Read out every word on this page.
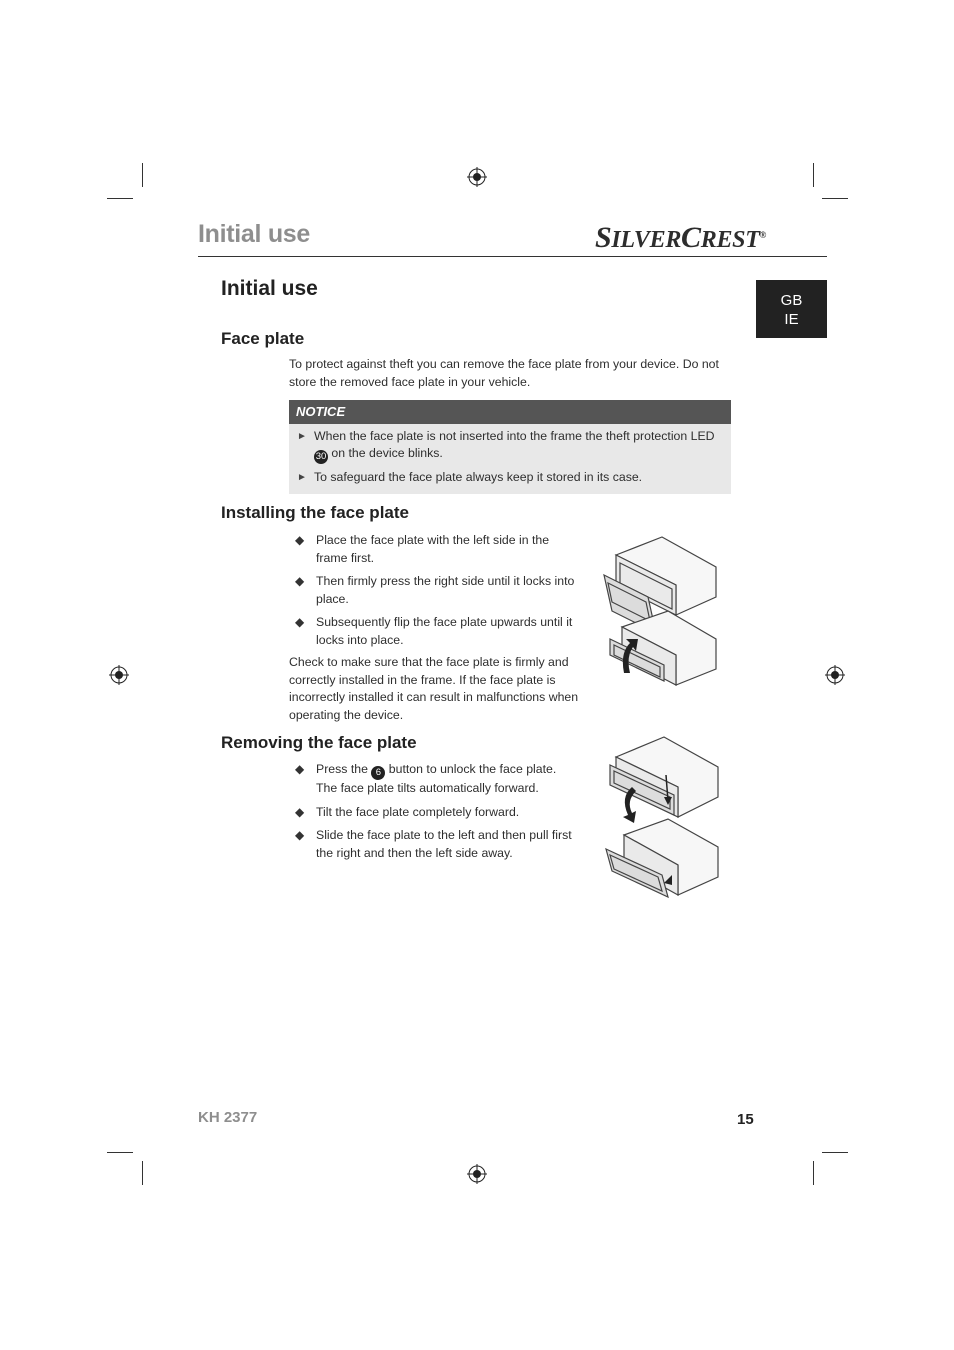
Initial use	SILVERCREST®
GB
IE
Initial use
Face plate
To protect against theft you can remove the face plate from your device. Do not store the removed face plate in your vehicle.
NOTICE
► When the face plate is not inserted into the frame the theft protection LED 30 on the device blinks.
► To safeguard the face plate always keep it stored in its case.
Installing the face plate
◆ Place the face plate with the left side in the frame first.
◆ Then firmly press the right side until it locks into place.
◆ Subsequently flip the face plate upwards until it locks into place.
Check to make sure that the face plate is firmly and correctly installed in the frame. If the face plate is incorrectly installed it can result in malfunctions when operating the device.
Removing the face plate
◆ Press the 6 button to unlock the face plate. The face plate tilts automatically forward.
◆ Tilt the face plate completely forward.
◆ Slide the face plate to the left and then pull first the right and then the left side away.
KH 2377	15
